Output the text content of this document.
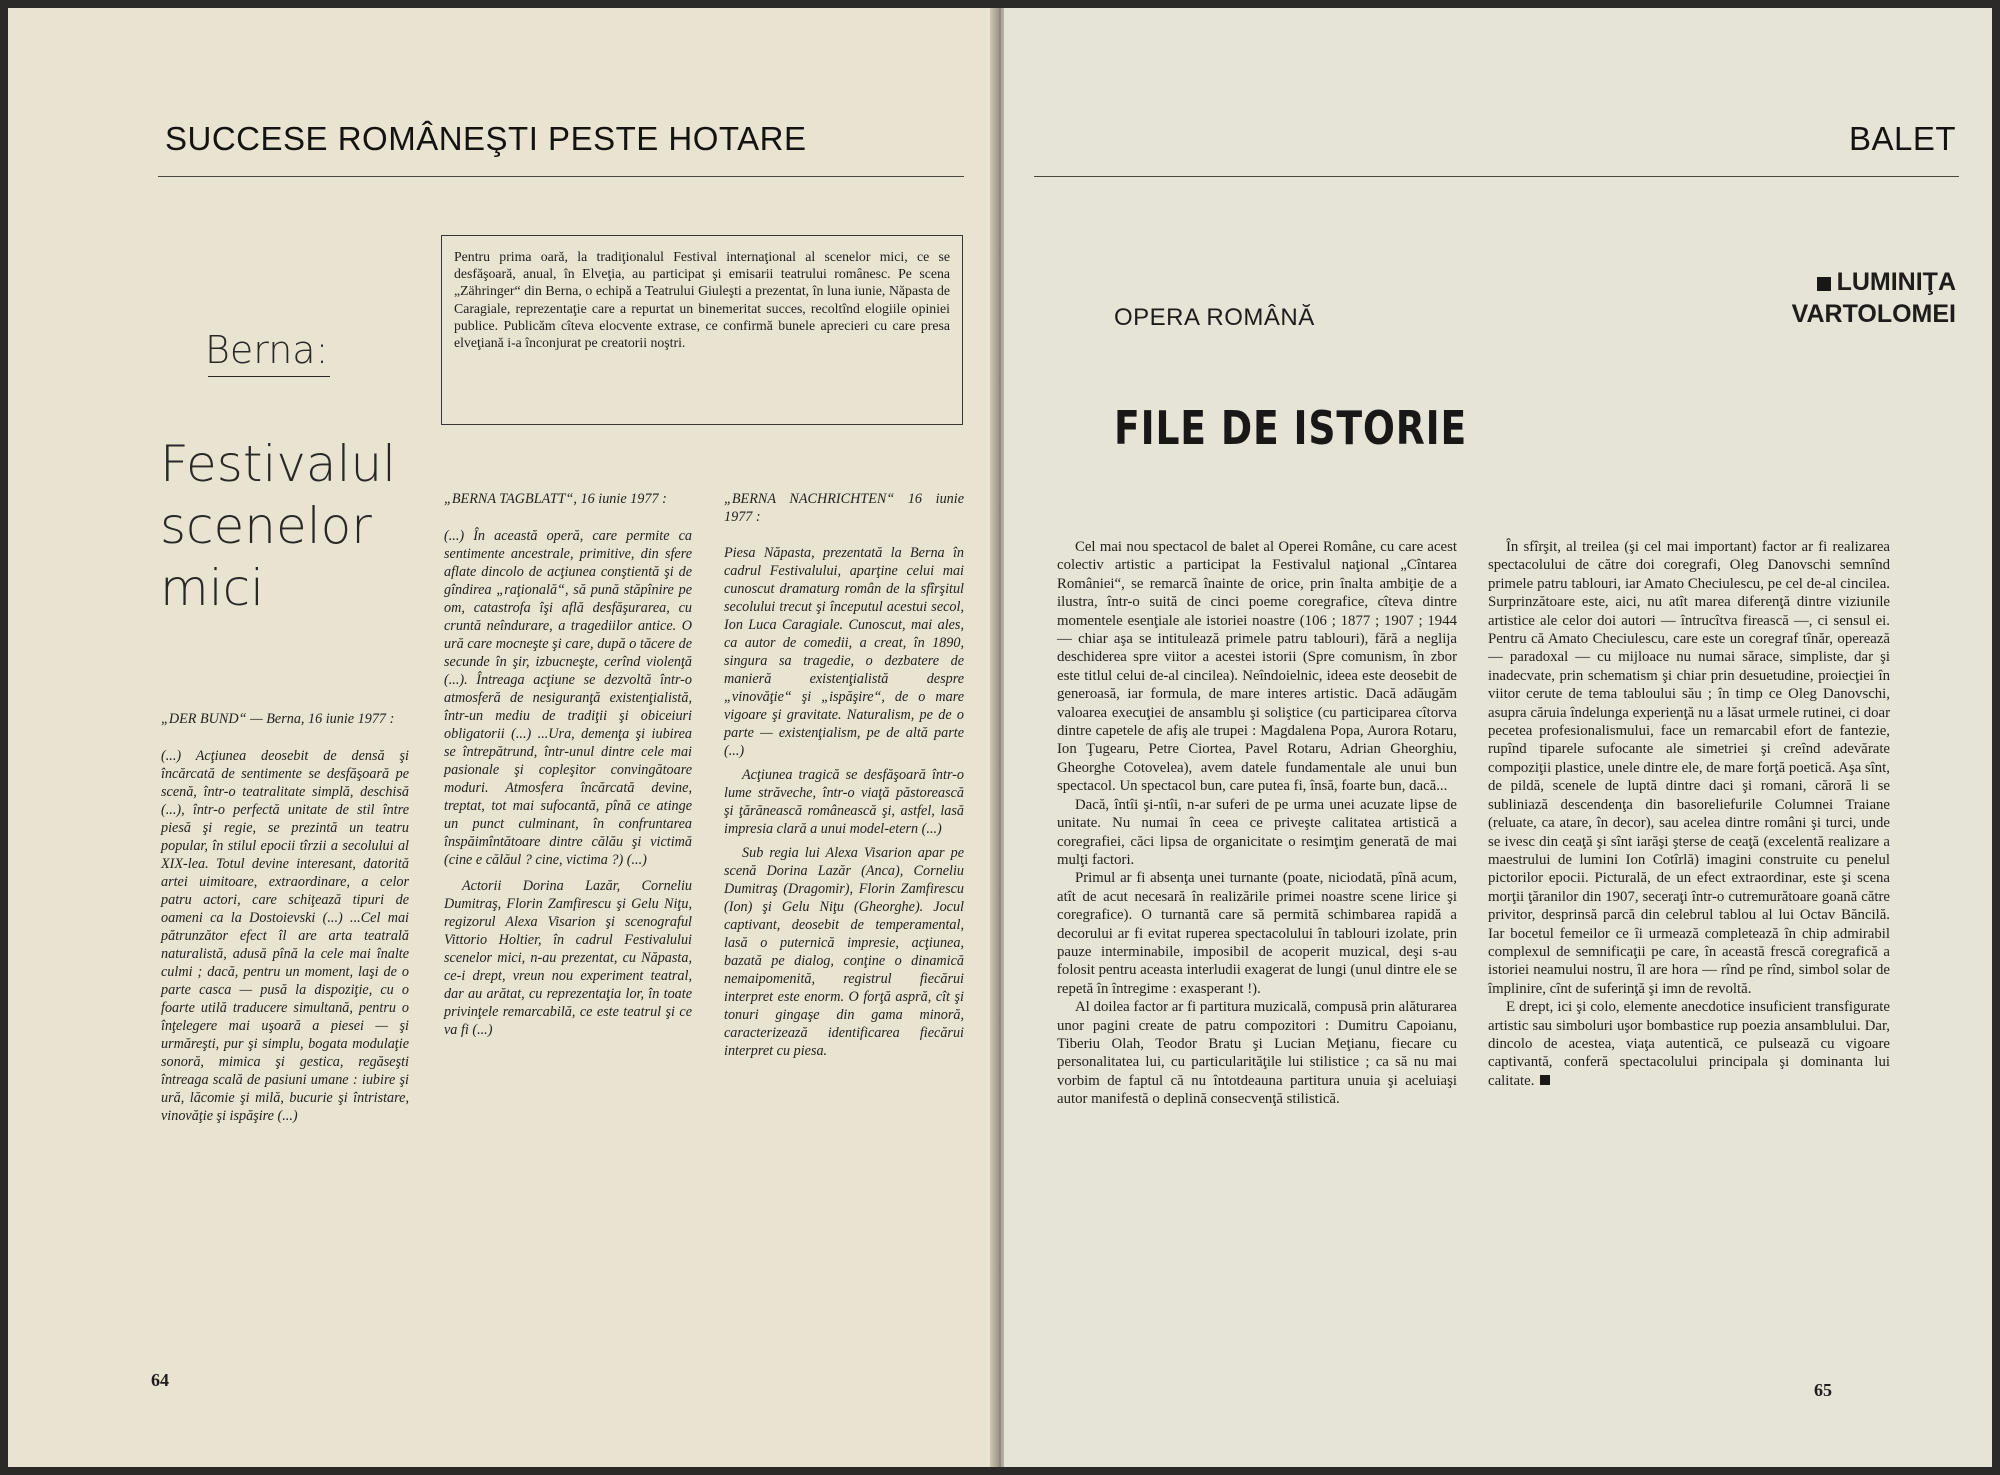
SUCCESE ROMÂNEŞTI PESTE HOTARE
Berna:
Festivalul
scenelor
mici

Pentru prima oară, la tradiţionalul Festival internaţional al scenelor mici, ce se desfăşoară, anual, în Elveţia, au participat şi emisarii teatrului românesc. Pe scena „Zähringer“ din Berna, o echipă a Teatrului Giuleşti a prezentat, în luna iunie, Năpasta de Caragiale, reprezentaţie care a repurtat un binemeritat succes, recoltînd elogiile opiniei publice. Publicăm cîteva elocvente extrase, ce confirmă bunele aprecieri cu care presa elveţiană i-a înconjurat pe creatorii noştri.

„DER BUND“ — Berna, 16 iunie 1977 :

(...) Acţiunea deosebit de densă şi încărcată de sentimente se desfăşoară pe scenă, într-o teatralitate simplă, deschisă (...), într-o perfectă unitate de stil între piesă şi regie, se prezintă un teatru popular, în stilul epocii tîrzii a secolului al XIX-lea. Totul devine interesant, datorită artei uimitoare, extraordinare, a celor patru actori, care schiţează tipuri de oameni ca la Dostoievski (...) ...Cel mai pătrunzător efect îl are arta teatrală naturalistă, adusă pînă la cele mai înalte culmi ; dacă, pentru un moment, laşi de o parte casca — pusă la dispoziţie, cu o foarte utilă traducere simultană, pentru o înţelegere mai uşoară a piesei — şi urmăreşti, pur şi simplu, bogata modulaţie sonoră, mimica şi gestica, regăseşti întreaga scală de pasiuni umane : iubire şi ură, lăcomie şi milă, bucurie şi întristare, vinovăţie şi ispăşire (...)

„BERNA TAGBLATT“, 16 iunie 1977 :

(...) În această operă, care permite ca sentimente ancestrale, primitive, din sfere aflate dincolo de acţiunea conştientă şi de gîndirea „raţională“, să pună stăpînire pe om, catastrofa îşi află desfăşurarea, cu cruntă neîndurare, a tragediilor antice. O ură care mocneşte şi care, după o tăcere de secunde în şir, izbucneşte, cerînd violenţă (...). Întreaga acţiune se dezvoltă într-o atmosferă de nesiguranţă existenţialistă, într-un mediu de tradiţii şi obiceiuri obligatorii (...) ...Ura, demenţa şi iubirea se întrepătrund, într-unul dintre cele mai pasionale şi copleşitor convingătoare moduri. Atmosfera încărcată devine, treptat, tot mai sufocantă, pînă ce atinge un punct culminant, în confruntarea înspăimîntătoare dintre călău şi victimă (cine e călăul ? cine, victima ?) (...)

Actorii Dorina Lazăr, Corneliu Dumitraş, Florin Zamfirescu şi Gelu Niţu, regizorul Alexa Visarion şi scenograful Vittorio Holtier, în cadrul Festivalului scenelor mici, n-au prezentat, cu Năpasta, ce-i drept, vreun nou experiment teatral, dar au arătat, cu reprezentaţia lor, în toate privinţele remarcabilă, ce este teatrul şi ce va fi (...)

„BERNA NACHRICHTEN“ 16 iunie 1977 :

Piesa Năpasta, prezentată la Berna în cadrul Festivalului, aparţine celui mai cunoscut dramaturg român de la sfîrşitul secolului trecut şi începutul acestui secol, Ion Luca Caragiale. Cunoscut, mai ales, ca autor de comedii, a creat, în 1890, singura sa tragedie, o dezbatere de manieră existenţialistă despre „vinovăţie“ şi „ispăşire“, de o mare vigoare şi gravitate. Naturalism, pe de o parte — existenţialism, pe de altă parte (...)

Acţiunea tragică se desfăşoară într-o lume străveche, într-o viaţă păstorească şi ţărănească românească şi, astfel, lasă impresia clară a unui model-etern (...)

Sub regia lui Alexa Visarion apar pe scenă Dorina Lazăr (Anca), Corneliu Dumitraş (Dragomir), Florin Zamfirescu (Ion) şi Gelu Niţu (Gheorghe). Jocul captivant, deosebit de temperamental, lasă o puternică impresie, acţiunea, bazată pe dialog, conţine o dinamică nemaipomenită, registrul fiecărui interpret este enorm. O forţă aspră, cît şi tonuri gingaşe din gama minoră, caracterizează identificarea fiecărui interpret cu piesa.

64
BALET
OPERA ROMÂNĂ
FILE DE ISTORIE
LUMINIŢA
VARTOLOMEI

Cel mai nou spectacol de balet al Operei Române, cu care acest colectiv artistic a participat la Festivalul naţional „Cîntarea României“, se remarcă înainte de orice, prin înalta ambiţie de a ilustra, într-o suită de cinci poeme coregrafice, cîteva dintre momentele esenţiale ale istoriei noastre (106 ; 1877 ; 1907 ; 1944 — chiar aşa se intitulează primele patru tablouri), fără a neglija deschiderea spre viitor a acestei istorii (Spre comunism, în zbor este titlul celui de-al cincilea). Neîndoielnic, ideea este deosebit de generoasă, iar formula, de mare interes artistic. Dacă adăugăm valoarea execuţiei de ansamblu şi soliştice (cu participarea cîtorva dintre capetele de afiş ale trupei : Magdalena Popa, Aurora Rotaru, Ion Ţugearu, Petre Ciortea, Pavel Rotaru, Adrian Gheorghiu, Gheorghe Cotovelea), avem datele fundamentale ale unui bun spectacol. Un spectacol bun, care putea fi, însă, foarte bun, dacă...

Dacă, întîi şi-ntîi, n-ar suferi de pe urma unei acuzate lipse de unitate. Nu numai în ceea ce priveşte calitatea artistică a coregrafiei, căci lipsa de organicitate o resimţim generată de mai mulţi factori.

Primul ar fi absenţa unei turnante (poate, niciodată, pînă acum, atît de acut necesară în realizările primei noastre scene lirice şi coregrafice). O turnantă care să permită schimbarea rapidă a decorului ar fi evitat ruperea spectacolului în tablouri izolate, prin pauze interminabile, imposibil de acoperit muzical, deşi s-au folosit pentru aceasta interludii exagerat de lungi (unul dintre ele se repetă în întregime : exasperant !).

Al doilea factor ar fi partitura muzicală, compusă prin alăturarea unor pagini create de patru compozitori : Dumitru Capoianu, Tiberiu Olah, Teodor Bratu şi Lucian Meţianu, fiecare cu personalitatea lui, cu particularităţile lui stilistice ; ca să nu mai vorbim de faptul că nu întotdeauna partitura unuia şi aceluiaşi autor manifestă o deplină consecvenţă stilistică.

În sfîrşit, al treilea (şi cel mai important) factor ar fi realizarea spectacolului de către doi coregrafi, Oleg Danovschi semnînd primele patru tablouri, iar Amato Checiulescu, pe cel de-al cincilea. Surprinzătoare este, aici, nu atît marea diferenţă dintre viziunile artistice ale celor doi autori — întrucîtva firească —, ci sensul ei. Pentru că Amato Checiulescu, care este un coregraf tînăr, operează — paradoxal — cu mijloace nu numai sărace, simpliste, dar şi inadecvate, prin schematism şi chiar prin desuetudine, proiecţiei în viitor cerute de tema tabloului său ; în timp ce Oleg Danovschi, asupra căruia îndelunga experienţă nu a lăsat urmele rutinei, ci doar pecetea profesionalismului, face un remarcabil efort de fantezie, rupînd tiparele sufocante ale simetriei şi creînd adevărate compoziţii plastice, unele dintre ele, de mare forţă poetică. Aşa sînt, de pildă, scenele de luptă dintre daci şi romani, căroră li se subliniază descendenţa din basoreliefurile Columnei Traiane (reluate, ca atare, în decor), sau acelea dintre români şi turci, unde se ivesc din ceaţă şi sînt iarăşi şterse de ceaţă (excelentă realizare a maestrului de lumini Ion Cotîrlă) imagini construite cu penelul pictorilor epocii. Picturală, de un efect extraordinar, este şi scena morţii ţăranilor din 1907, seceraţi într-o cutremurătoare goană către privitor, desprinsă parcă din celebrul tablou al lui Octav Băncilă. Iar bocetul femeilor ce îi urmează completează în chip admirabil complexul de semnificaţii pe care, în această frescă coregrafică a istoriei neamului nostru, îl are hora — rînd pe rînd, simbol solar de împlinire, cînt de suferinţă şi imn de revoltă.

E drept, ici şi colo, elemente anecdotice insuficient transfigurate artistic sau simboluri uşor bombastice rup poezia ansamblului. Dar, dincolo de acestea, viaţa autentică, ce pulsează cu vigoare captivantă, conferă spectacolului principala şi dominanta lui calitate.

65
